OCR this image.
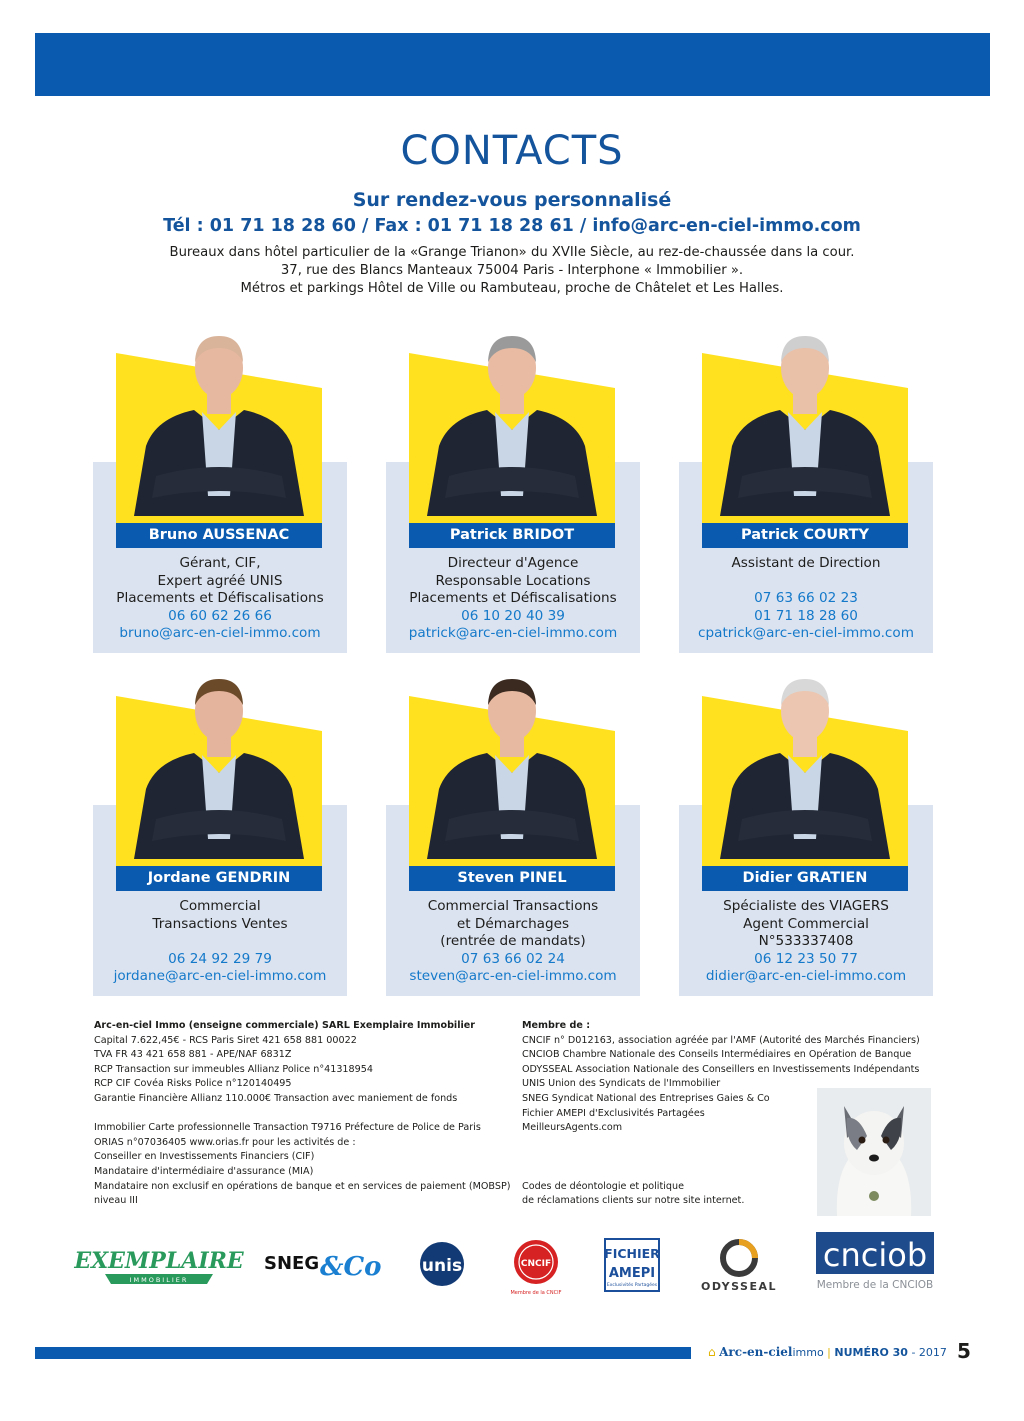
CONTACTS
Sur rendez-vous personnalisé
Tél : 01 71 18 28 60 / Fax : 01 71 18 28 61 / info@arc-en-ciel-immo.com
Bureaux dans hôtel particulier de la «Grange Trianon» du XVIIe Siècle, au rez-de-chaussée dans la cour.
37, rue des Blancs Manteaux 75004 Paris - Interphone « Immobilier ».
Métros et parkings Hôtel de Ville ou Rambuteau, proche de Châtelet et Les Halles.
Bruno AUSSENAC
Gérant, CIF,
Expert agréé UNIS
Placements et Défiscalisations
06 60 62 26 66
bruno@arc-en-ciel-immo.com
Patrick BRIDOT
Directeur d'Agence
Responsable Locations
Placements et Défiscalisations
06 10 20 40 39
patrick@arc-en-ciel-immo.com
Patrick COURTY
Assistant de Direction
07 63 66 02 23
01 71 18 28 60
cpatrick@arc-en-ciel-immo.com
Jordane GENDRIN
Commercial
Transactions Ventes
06 24 92 29 79
jordane@arc-en-ciel-immo.com
Steven PINEL
Commercial Transactions
et Démarchages
(rentrée de mandats)
07 63 66 02 24
steven@arc-en-ciel-immo.com
Didier GRATIEN
Spécialiste des VIAGERS
Agent Commercial
N°533337408
06 12 23 50 77
didier@arc-en-ciel-immo.com
Arc-en-ciel Immo (enseigne commerciale) SARL Exemplaire Immobilier
Capital 7.622,45€ - RCS Paris Siret 421 658 881 00022
TVA FR 43 421 658 881 - APE/NAF 6831Z
RCP Transaction sur immeubles Allianz Police n°41318954
RCP CIF Covéa Risks Police n°120140495
Garantie Financière Allianz 110.000€ Transaction avec maniement de fonds
Immobilier Carte professionnelle Transaction T9716 Préfecture de Police de Paris
ORIAS n°07036405 www.orias.fr pour les activités de :
Conseiller en Investissements Financiers (CIF)
Mandataire d'intermédiaire d'assurance (MIA)
Mandataire non exclusif en opérations de banque et en services de paiement (MOBSP)
niveau III
Membre de :
CNCIF n° D012163, association agréée par l'AMF (Autorité des Marchés Financiers)
CNCIOB Chambre Nationale des Conseils Intermédiaires en Opération de Banque
ODYSSEAL Association Nationale des Conseillers en Investissements Indépendants
UNIS Union des Syndicats de l'Immobilier
SNEG Syndicat National des Entreprises Gaies & Co
Fichier AMEPI d'Exclusivités Partagées
MeilleursAgents.com
Codes de déontologie et politique
de réclamations clients sur notre site internet.
EXEMPLAIRE
IMMOBILIER
SNEG &Co unis	CNCIF
Membre de la CNCIF
FICHIER
AMEPI
Exclusivités Partagées	ODYSSEAL
cnciob
Membre de la CNCIOB
⌂ Arc-en-cielimmo | NUMÉRO 30 - 2017 5
